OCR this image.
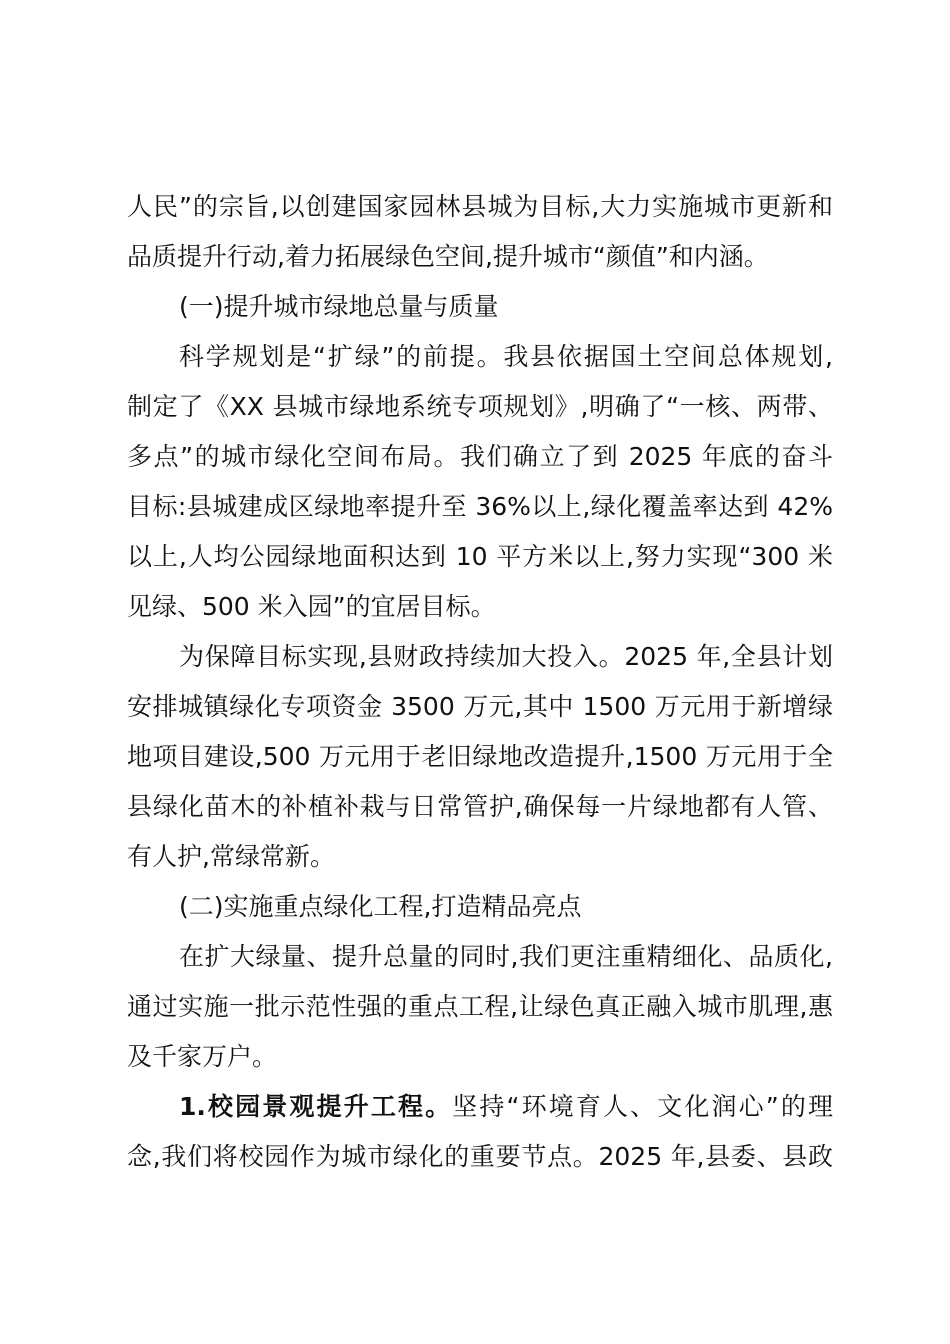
人民”的宗旨,以创建国家园林县城为目标,大力实施城市更新和
品质提升行动,着力拓展绿色空间,提升城市“颜值”和内涵。
(一)提升城市绿地总量与质量
科学规划是“扩绿”的前提。我县依据国土空间总体规划,
制定了《XX 县城市绿地系统专项规划》,明确了“一核、两带、
多点”的城市绿化空间布局。我们确立了到 2025 年底的奋斗
目标:县城建成区绿地率提升至 36%以上,绿化覆盖率达到 42%
以上,人均公园绿地面积达到 10 平方米以上,努力实现“300 米
见绿、500 米入园”的宜居目标。
为保障目标实现,县财政持续加大投入。2025 年,全县计划
安排城镇绿化专项资金 3500 万元,其中 1500 万元用于新增绿
地项目建设,500 万元用于老旧绿地改造提升,1500 万元用于全
县绿化苗木的补植补栽与日常管护,确保每一片绿地都有人管、
有人护,常绿常新。
(二)实施重点绿化工程,打造精品亮点
在扩大绿量、提升总量的同时,我们更注重精细化、品质化,
通过实施一批示范性强的重点工程,让绿色真正融入城市肌理,惠
及千家万户。
1.校园景观提升工程。坚持“环境育人、文化润心”的理
念,我们将校园作为城市绿化的重要节点。2025 年,县委、县政
